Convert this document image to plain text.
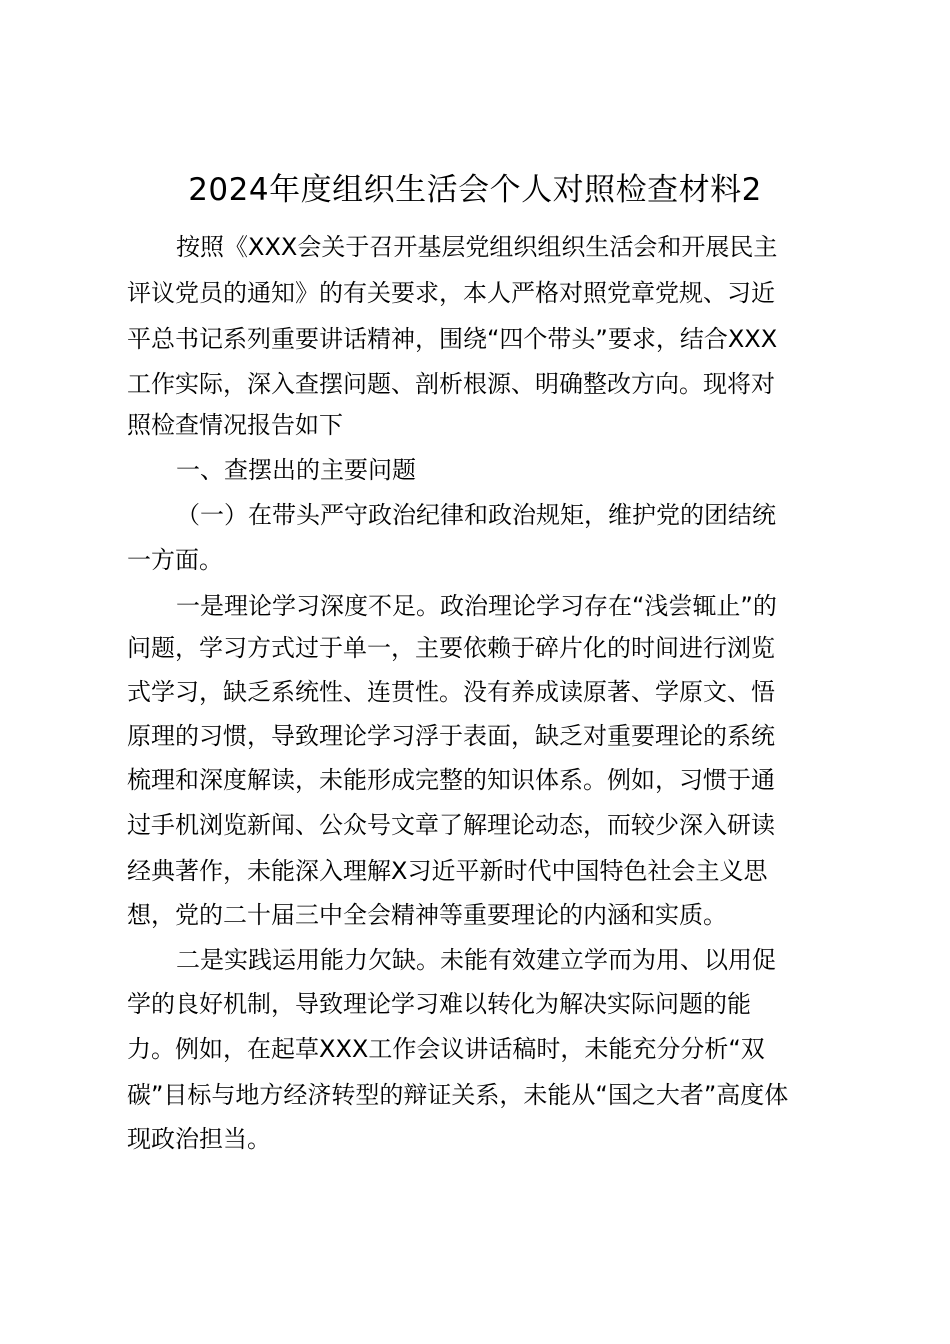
2024年度组织生活会个人对照检查材料2
按照《XXX会关于召开基层党组织组织生活会和开展民主
评议党员的通知》的有关要求，本人严格对照党章党规、习近
平总书记系列重要讲话精神，围绕“四个带头”要求，结合XXX
工作实际，深入查摆问题、剖析根源、明确整改方向。现将对
照检查情况报告如下
一、查摆出的主要问题
（一）在带头严守政治纪律和政治规矩，维护党的团结统
一方面。
一是理论学习深度不足。政治理论学习存在“浅尝辄止”的
问题，学习方式过于单一，主要依赖于碎片化的时间进行浏览
式学习，缺乏系统性、连贯性。没有养成读原著、学原文、悟
原理的习惯，导致理论学习浮于表面，缺乏对重要理论的系统
梳理和深度解读，未能形成完整的知识体系。例如，习惯于通
过手机浏览新闻、公众号文章了解理论动态，而较少深入研读
经典著作，未能深入理解X习近平新时代中国特色社会主义思
想，党的二十届三中全会精神等重要理论的内涵和实质。
二是实践运用能力欠缺。未能有效建立学而为用、以用促
学的良好机制，导致理论学习难以转化为解决实际问题的能
力。例如，在起草XXX工作会议讲话稿时，未能充分分析“双
碳”目标与地方经济转型的辩证关系，未能从“国之大者”高度体
现政治担当。
